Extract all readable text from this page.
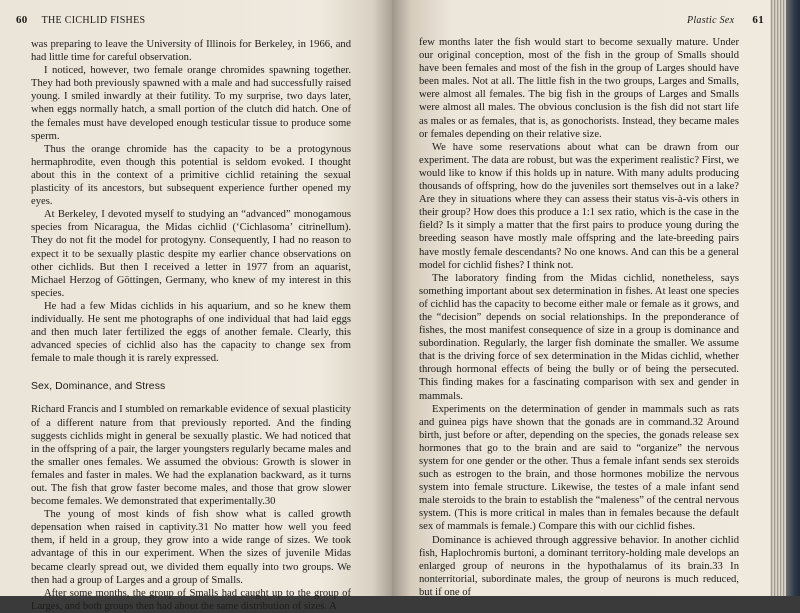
60 THE CICHLID FISHES

was preparing to leave the University of Illinois for Berkeley, in 1966, and had little time for careful observation.

I noticed, however, two female orange chromides spawning together. They had both previously spawned with a male and had successfully raised young. I smiled inwardly at their futility. To my surprise, two days later, when eggs normally hatch, a small portion of the clutch did hatch. One of the females must have developed enough testicular tissue to produce some sperm.

Thus the orange chromide has the capacity to be a protogynous hermaphrodite, even though this potential is seldom evoked. I thought about this in the context of a primitive cichlid retaining the sexual plasticity of its ancestors, but subsequent experience further opened my eyes.

At Berkeley, I devoted myself to studying an “advanced” monogamous species from Nicaragua, the Midas cichlid (‘Cichlasoma’ citrinellum). They do not fit the model for protogyny. Consequently, I had no reason to expect it to be sexually plastic despite my earlier chance observations on other cichlids. But then I received a letter in 1977 from an aquarist, Michael Herzog of Göttingen, Germany, who knew of my interest in this species.

He had a few Midas cichlids in his aquarium, and so he knew them individually. He sent me photographs of one individual that had laid eggs and then much later fertilized the eggs of another female. Clearly, this advanced species of cichlid also has the capacity to change sex from female to male though it is rarely expressed.

Sex, Dominance, and Stress

Richard Francis and I stumbled on remarkable evidence of sexual plasticity of a different nature from that previously reported. And the finding suggests cichlids might in general be sexually plastic. We had noticed that in the offspring of a pair, the larger youngsters regularly became males and the smaller ones females. We assumed the obvious: Growth is slower in females and faster in males. We had the explanation backward, as it turns out. The fish that grow faster become males, and those that grow slower become females. We demonstrated that experimentally.30

The young of most kinds of fish show what is called growth depensation when raised in captivity.31 No matter how well you feed them, if held in a group, they grow into a wide range of sizes. We took advantage of this in our experiment. When the sizes of juvenile Midas became clearly spread out, we divided them equally into two groups. We then had a group of Larges and a group of Smalls.

After some months, the group of Smalls had caught up to the group of Larges, and both groups then had about the same distribution of sizes. A

Plastic Sex 61

few months later the fish would start to become sexually mature. Under our original conception, most of the fish in the group of Smalls should have been females and most of the fish in the group of Larges should have been males. Not at all. The little fish in the two groups, Larges and Smalls, were almost all females. The big fish in the groups of Larges and Smalls were almost all males. The obvious conclusion is the fish did not start life as males or as females, that is, as gonochorists. Instead, they became males or females depending on their relative size.

We have some reservations about what can be drawn from our experiment. The data are robust, but was the experiment realistic? First, we would like to know if this holds up in nature. With many adults producing thousands of offspring, how do the juveniles sort themselves out in a lake? Are they in situations where they can assess their status vis-à-vis others in their group? How does this produce a 1:1 sex ratio, which is the case in the field? Is it simply a matter that the first pairs to produce young during the breeding season have mostly male offspring and the late-breeding pairs have mostly female descendants? No one knows. And can this be a general model for cichlid fishes? I think not.

The laboratory finding from the Midas cichlid, nonetheless, says something important about sex determination in fishes. At least one species of cichlid has the capacity to become either male or female as it grows, and the “decision” depends on social relationships. In the preponderance of fishes, the most manifest consequence of size in a group is dominance and subordination. Regularly, the larger fish dominate the smaller. We assume that is the driving force of sex determination in the Midas cichlid, whether through hormonal effects of being the bully or of being the persecuted. This finding makes for a fascinating comparison with sex and gender in mammals.

Experiments on the determination of gender in mammals such as rats and guinea pigs have shown that the gonads are in command.32 Around birth, just before or after, depending on the species, the gonads release sex hormones that go to the brain and are said to “organize” the nervous system for one gender or the other. Thus a female infant sends sex steroids such as estrogen to the brain, and those hormones mobilize the nervous system into female structure. Likewise, the testes of a male infant send male steroids to the brain to establish the “maleness” of the central nervous system. (This is more critical in males than in females because the default sex of mammals is female.) Compare this with our cichlid fishes.

Dominance is achieved through aggressive behavior. In another cichlid fish, Haplochromis burtoni, a dominant territory-holding male develops an enlarged group of neurons in the hypothalamus of its brain.33 In nonterritorial, subordinate males, the group of neurons is much reduced, but if one of
